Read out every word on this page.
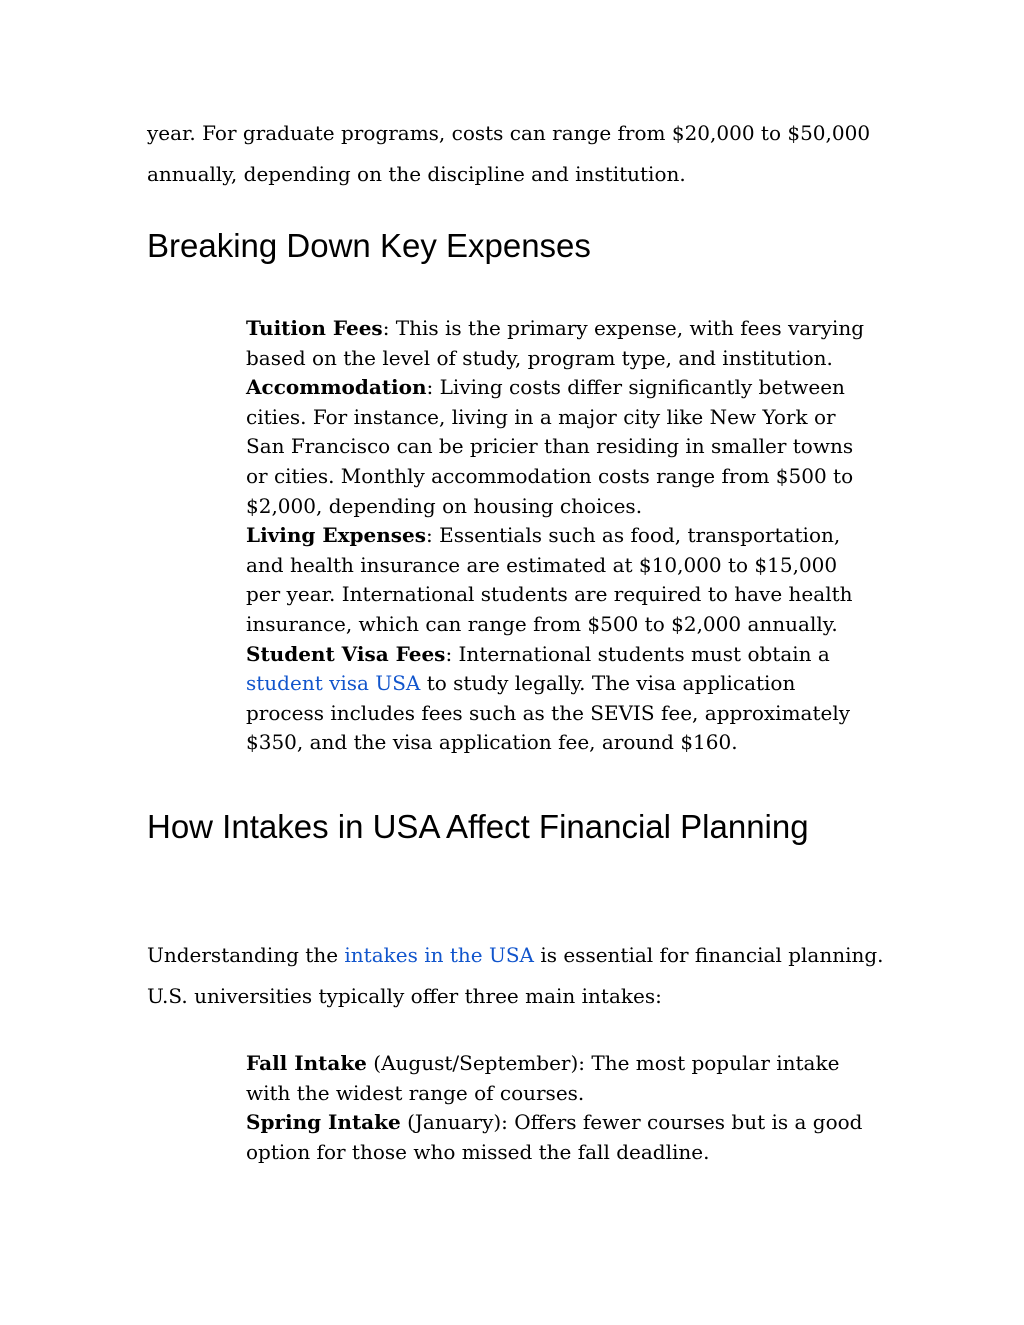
year. For graduate programs, costs can range from $20,000 to $50,000 annually, depending on the discipline and institution.

Breaking Down Key Expenses
Tuition Fees: This is the primary expense, with fees varying based on the level of study, program type, and institution.
Accommodation: Living costs differ significantly between cities. For instance, living in a major city like New York or San Francisco can be pricier than residing in smaller towns or cities. Monthly accommodation costs range from $500 to $2,000, depending on housing choices.
Living Expenses: Essentials such as food, transportation, and health insurance are estimated at $10,000 to $15,000 per year. International students are required to have health insurance, which can range from $500 to $2,000 annually.
Student Visa Fees: International students must obtain a student visa USA to study legally. The visa application process includes fees such as the SEVIS fee, approximately $350, and the visa application fee, around $160.
How Intakes in USA Affect Financial Planning

Understanding the intakes in the USA is essential for financial planning. U.S. universities typically offer three main intakes:

Fall Intake (August/September): The most popular intake with the widest range of courses.
Spring Intake (January): Offers fewer courses but is a good option for those who missed the fall deadline.
